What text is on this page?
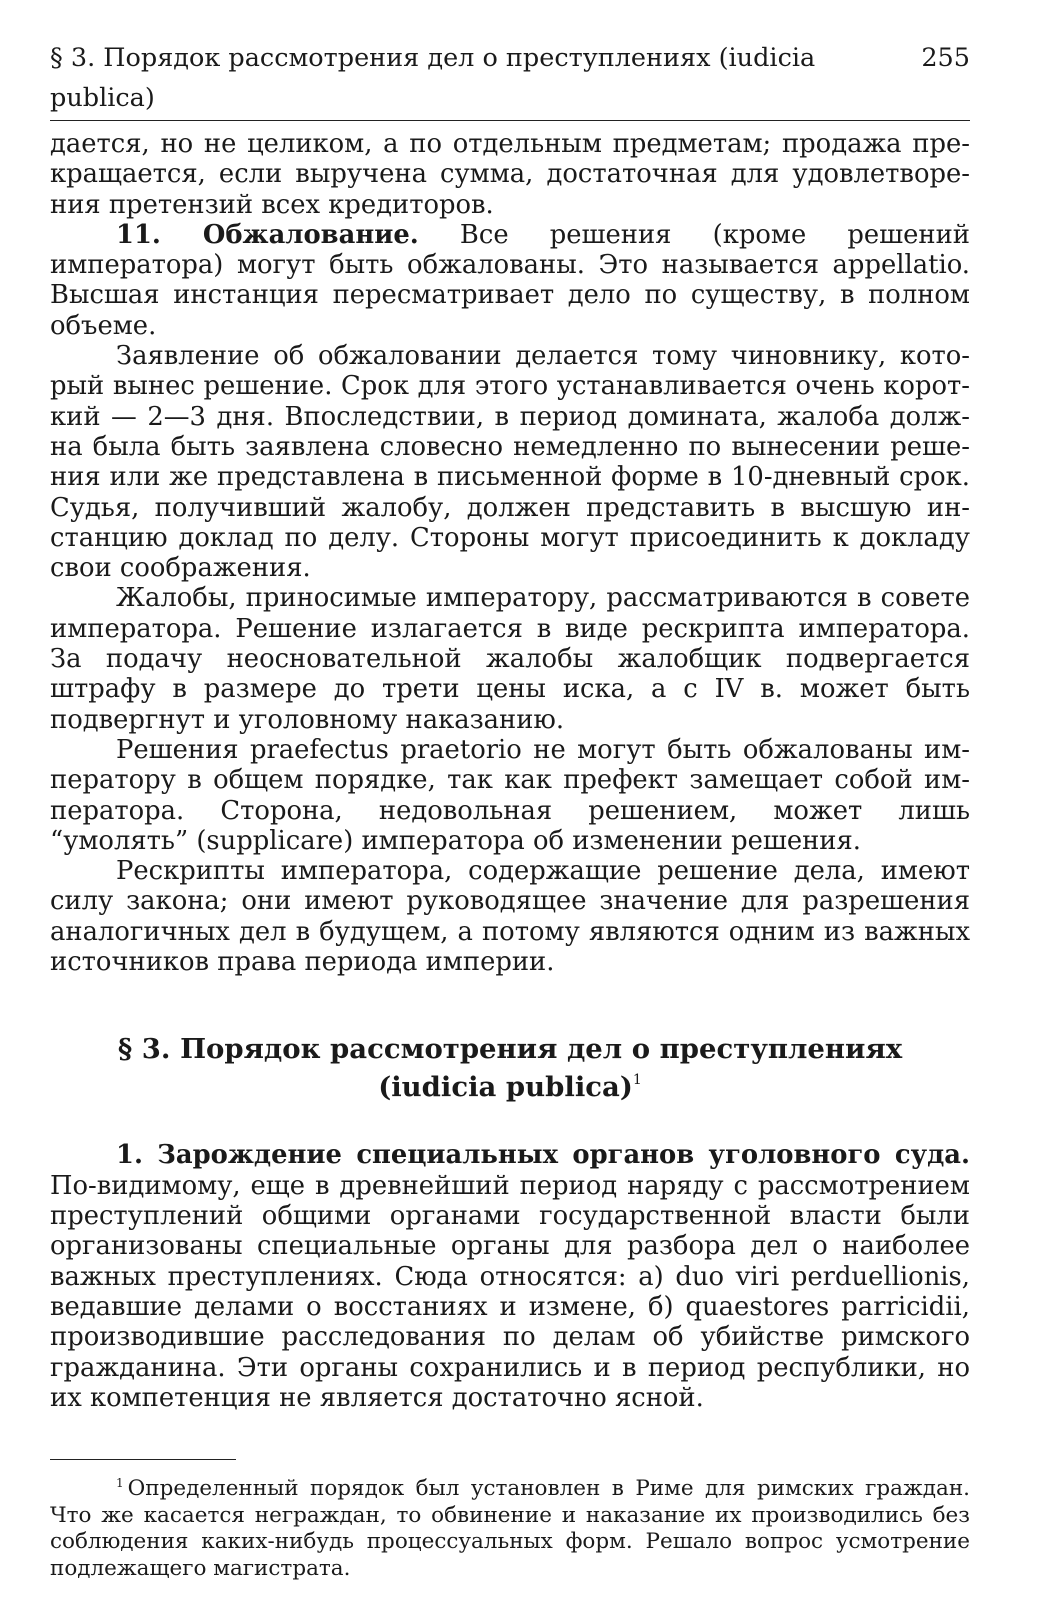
§ 3. Порядок рассмотрения дел о преступлениях (iudicia publica)
255

дается, но не целиком, а по отдельным предметам; продажа прекращается, если выручена сумма, достаточная для удовлетворения претензий всех кредиторов.

11. Обжалование. Все решения (кроме решений императора) могут быть обжалованы. Это называется appellatio. Высшая инстанция пересматривает дело по существу, в полном объеме.

Заявление об обжаловании делается тому чиновнику, который вынес решение. Срок для этого устанавливается очень короткий — 2—3 дня. Впоследствии, в период домината, жалоба должна была быть заявлена словесно немедленно по вынесении решения или же представлена в письменной форме в 10-дневный срок. Судья, получивший жалобу, должен представить в высшую инстанцию доклад по делу. Стороны могут присоединить к докладу свои соображения.

Жалобы, приносимые императору, рассматриваются в совете императора. Решение излагается в виде рескрипта императора. За подачу неосновательной жалобы жалобщик подвергается штрафу в размере до трети цены иска, а с IV в. может быть подвергнут и уголовному наказанию.

Решения praefectus praetorio не могут быть обжалованы императору в общем порядке, так как префект замещает собой императора. Сторона, недовольная решением, может лишь “умолять” (supplicare) императора об изменении решения.

Рескрипты императора, содержащие решение дела, имеют силу закона; они имеют руководящее значение для разрешения аналогичных дел в будущем, а потому являются одним из важных источников права периода империи.

§ 3. Порядок рассмотрения дел о преступлениях
(iudicia publica)$^1$

1. Зарождение специальных органов уголовного суда. По-видимому, еще в древнейший период наряду с рассмотрением преступлений общими органами государственной власти были организованы специальные органы для разбора дел о наиболее важных преступлениях. Сюда относятся: а) duo viri perduellionis, ведавшие делами о восстаниях и измене, б) quaestores parricidii, производившие расследования по делам об убийстве римского гражданина. Эти органы сохранились и в период республики, но их компетенция не является достаточно ясной.

$^1$ Определенный порядок был установлен в Риме для римских граждан. Что же касается неграждан, то обвинение и наказание их производились без соблюдения каких-нибудь процессуальных форм. Решало вопрос усмотрение подлежащего магистрата.
